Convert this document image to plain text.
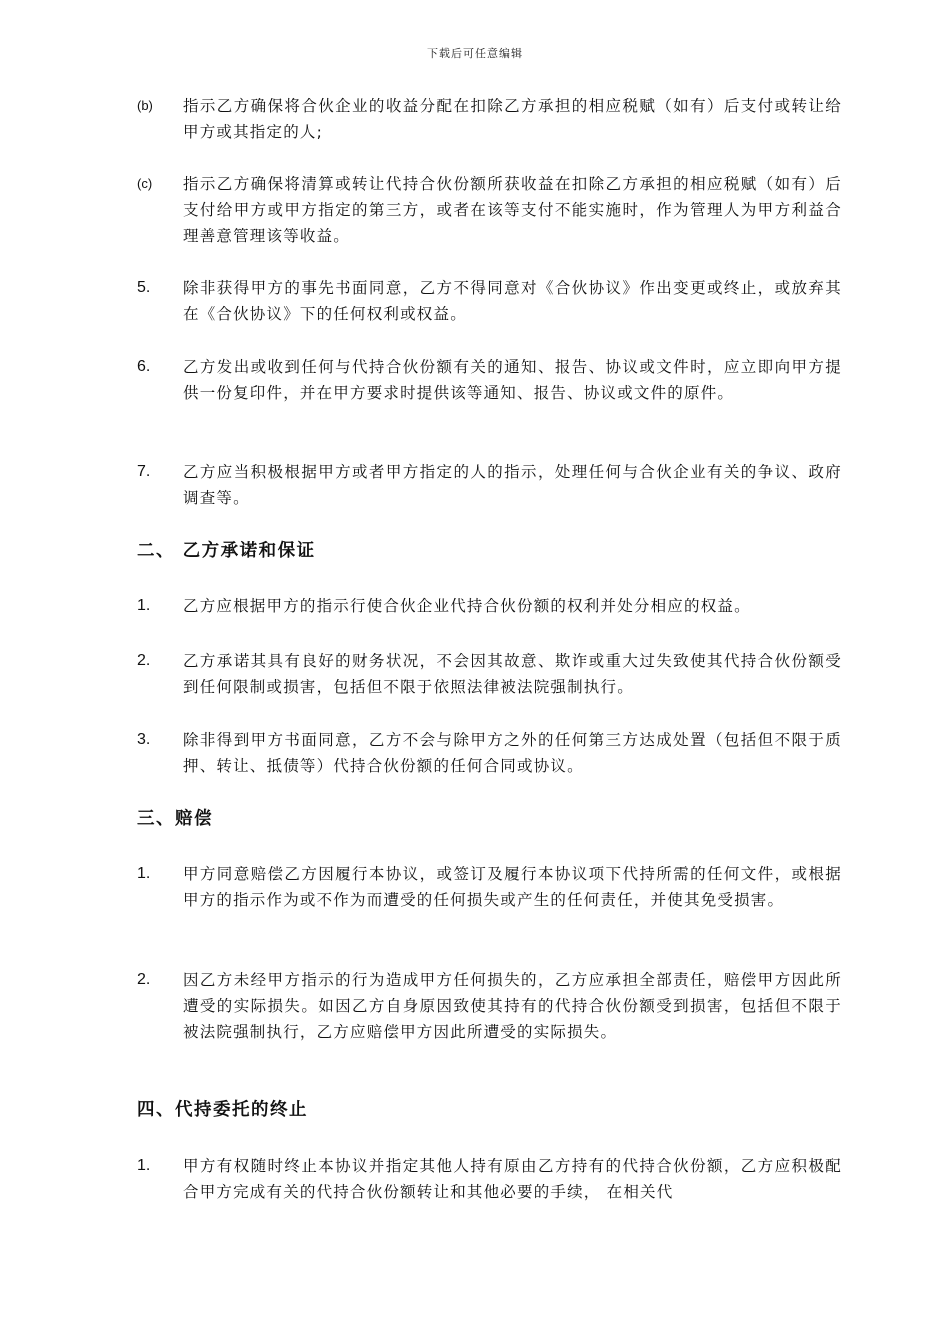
下载后可任意编辑
(b) 指示乙方确保将合伙企业的收益分配在扣除乙方承担的相应税赋（如有）后支付或转让给甲方或其指定的人;
(c) 指示乙方确保将清算或转让代持合伙份额所获收益在扣除乙方承担的相应税赋（如有）后支付给甲方或甲方指定的第三方，或者在该等支付不能实施时，作为管理人为甲方利益合理善意管理该等收益。
5. 除非获得甲方的事先书面同意，乙方不得同意对《合伙协议》作出变更或终止，或放弃其在《合伙协议》下的任何权利或权益。
6. 乙方发出或收到任何与代持合伙份额有关的通知、报告、协议或文件时，应立即向甲方提供一份复印件，并在甲方要求时提供该等通知、报告、协议或文件的原件。
7. 乙方应当积极根据甲方或者甲方指定的人的指示，处理任何与合伙企业有关的争议、政府调查等。
二、 乙方承诺和保证
1. 乙方应根据甲方的指示行使合伙企业代持合伙份额的权利并处分相应的权益。
2. 乙方承诺其具有良好的财务状况，不会因其故意、欺诈或重大过失致使其代持合伙份额受到任何限制或损害，包括但不限于依照法律被法院强制执行。
3. 除非得到甲方书面同意，乙方不会与除甲方之外的任何第三方达成处置（包括但不限于质押、转让、抵债等）代持合伙份额的任何合同或协议。
三、赔偿
1. 甲方同意赔偿乙方因履行本协议，或签订及履行本协议项下代持所需的任何文件，或根据甲方的指示作为或不作为而遭受的任何损失或产生的任何责任，并使其免受损害。
2. 因乙方未经甲方指示的行为造成甲方任何损失的，乙方应承担全部责任，赔偿甲方因此所遭受的实际损失。如因乙方自身原因致使其持有的代持合伙份额受到损害，包括但不限于被法院强制执行，乙方应赔偿甲方因此所遭受的实际损失。
四、代持委托的终止
1. 甲方有权随时终止本协议并指定其他人持有原由乙方持有的代持合伙份额，乙方应积极配合甲方完成有关的代持合伙份额转让和其他必要的手续， 在相关代
